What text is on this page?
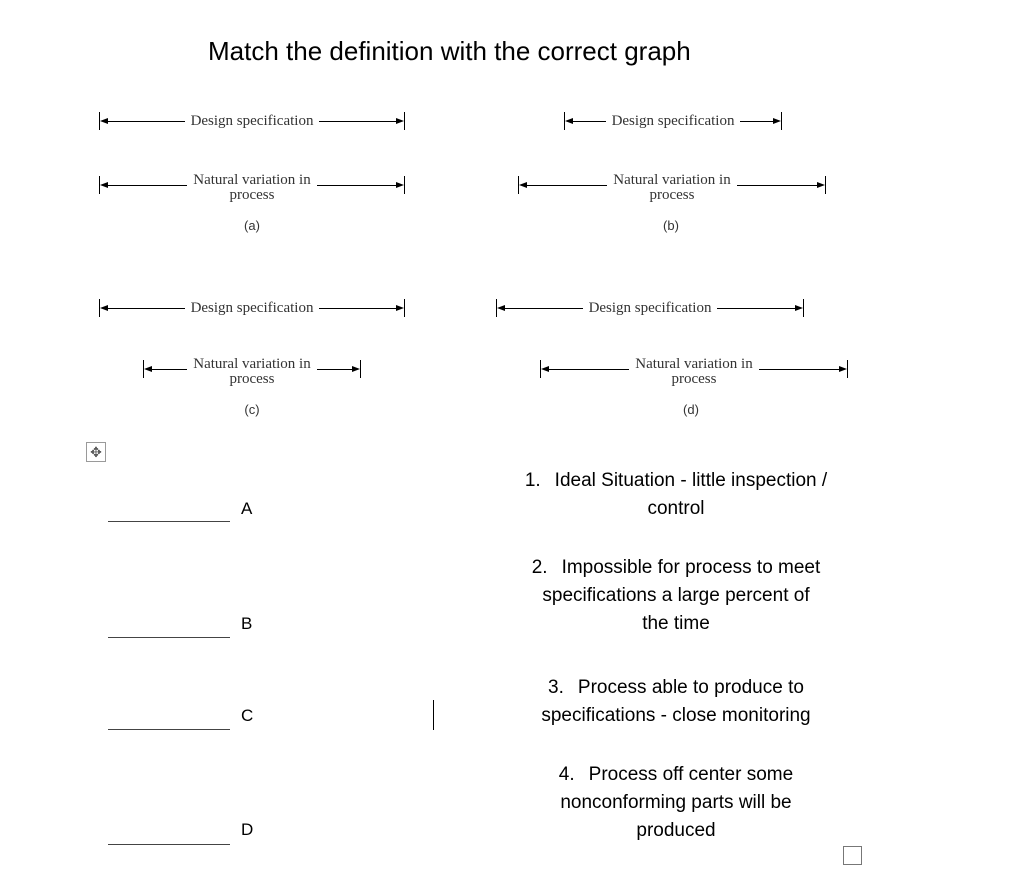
Match the definition with the correct graph
Design specification
Natural variation in
process
(a)
Design specification
Natural variation in
process
(b)
Design specification
Natural variation in
process
(c)
Design specification
Natural variation in
process
(d)
✥
A
B
C
D
1. Ideal Situation - little inspection /
control
2. Impossible for process to meet
specifications a large percent of
the time
3. Process able to produce to
specifications - close monitoring
4. Process off center some
nonconforming parts will be
produced
